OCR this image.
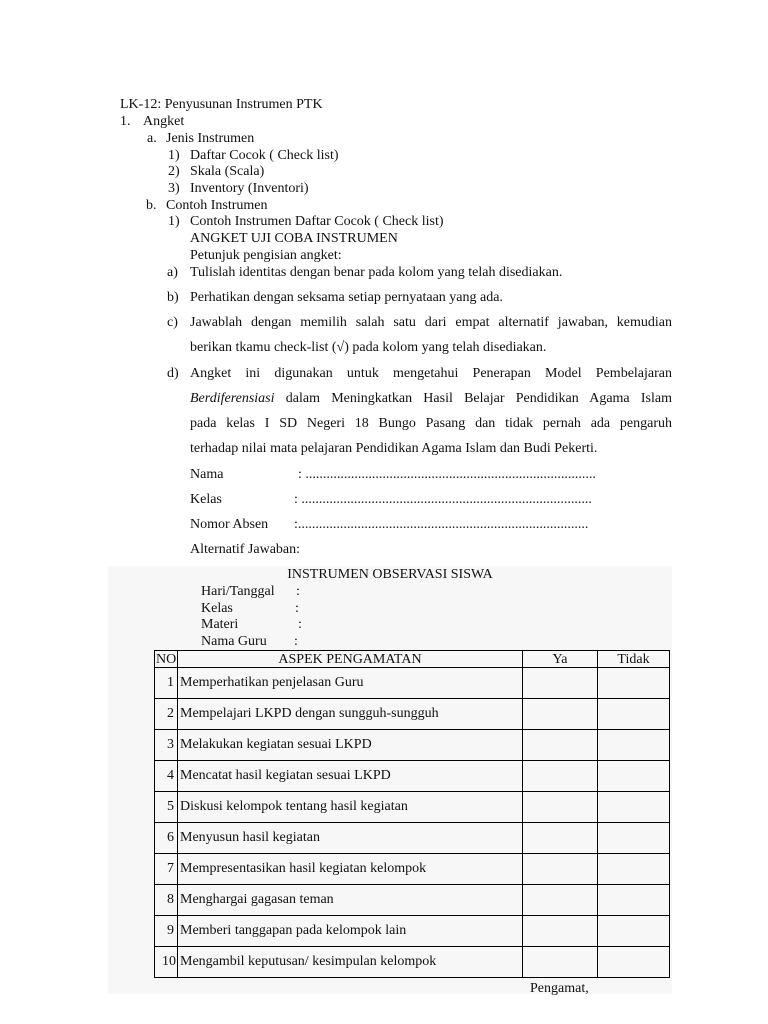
LK-12: Penyusunan Instrumen PTK
1. Angket
a. Jenis Instrumen
1) Daftar Cocok ( Check list)
2) Skala (Scala)
3) Inventory (Inventori)
b. Contoh Instrumen
1) Contoh Instrumen Daftar Cocok ( Check list)
ANGKET UJI COBA INSTRUMEN
Petunjuk pengisian angket:
a) Tulislah identitas dengan benar pada kolom yang telah disediakan.
b) Perhatikan dengan seksama setiap pernyataan yang ada.
c) Jawablah dengan memilih salah satu dari empat alternatif jawaban, kemudian
berikan tkamu check-list (√) pada kolom yang telah disediakan.
d) Angket ini digunakan untuk mengetahui Penerapan Model Pembelajaran
Berdiferensiasi dalam Meningkatkan Hasil Belajar Pendidikan Agama Islam
pada kelas I SD Negeri 18 Bungo Pasang dan tidak pernah ada pengaruh
terhadap nilai mata pelajaran Pendidikan Agama Islam dan Budi Pekerti.
Nama	: ...................................................................................
Kelas	: ...................................................................................
Nomor Absen :...................................................................................
Alternatif Jawaban:
INSTRUMEN OBSERVASI SISWA
Hari/Tanggal :
Kelas	:
Materi	:
Nama Guru :
NO	ASPEK PENGAMATAN	Ya	Tidak
1	Memperhatikan penjelasan Guru		
2	Mempelajari LKPD dengan sungguh-sungguh		
3	Melakukan kegiatan sesuai LKPD		
4	Mencatat hasil kegiatan sesuai LKPD		
5	Diskusi kelompok tentang hasil kegiatan		
6	Menyusun hasil kegiatan		
7	Mempresentasikan hasil kegiatan kelompok		
8	Menghargai gagasan teman		
9	Memberi tanggapan pada kelompok lain		
10	Mengambil keputusan/ kesimpulan kelompok		
Pengamat,
